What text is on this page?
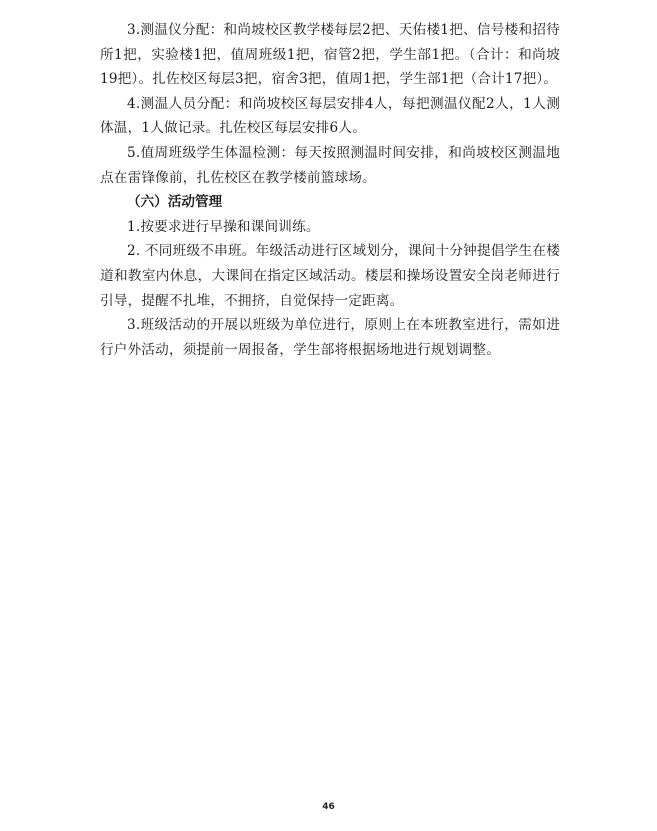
3.测温仪分配：和尚坡校区教学楼每层2把、天佑楼1把、信号楼和招待所1把，实验楼1把，值周班级1把，宿管2把，学生部1把。（合计：和尚坡19把）。扎佐校区每层3把，宿舍3把，值周1把，学生部1把（合计17把）。

4.测温人员分配：和尚坡校区每层安排4人，每把测温仪配2人，1人测体温，1人做记录。扎佐校区每层安排6人。

5.值周班级学生体温检测：每天按照测温时间安排，和尚坡校区测温地点在雷锋像前，扎佐校区在教学楼前篮球场。

（六）活动管理

1.按要求进行早操和课间训练。

2. 不同班级不串班。年级活动进行区域划分，课间十分钟提倡学生在楼道和教室内休息，大课间在指定区域活动。楼层和操场设置安全岗老师进行引导，提醒不扎堆，不拥挤，自觉保持一定距离。

3.班级活动的开展以班级为单位进行，原则上在本班教室进行，需如进行户外活动，须提前一周报备，学生部将根据场地进行规划调整。

46
